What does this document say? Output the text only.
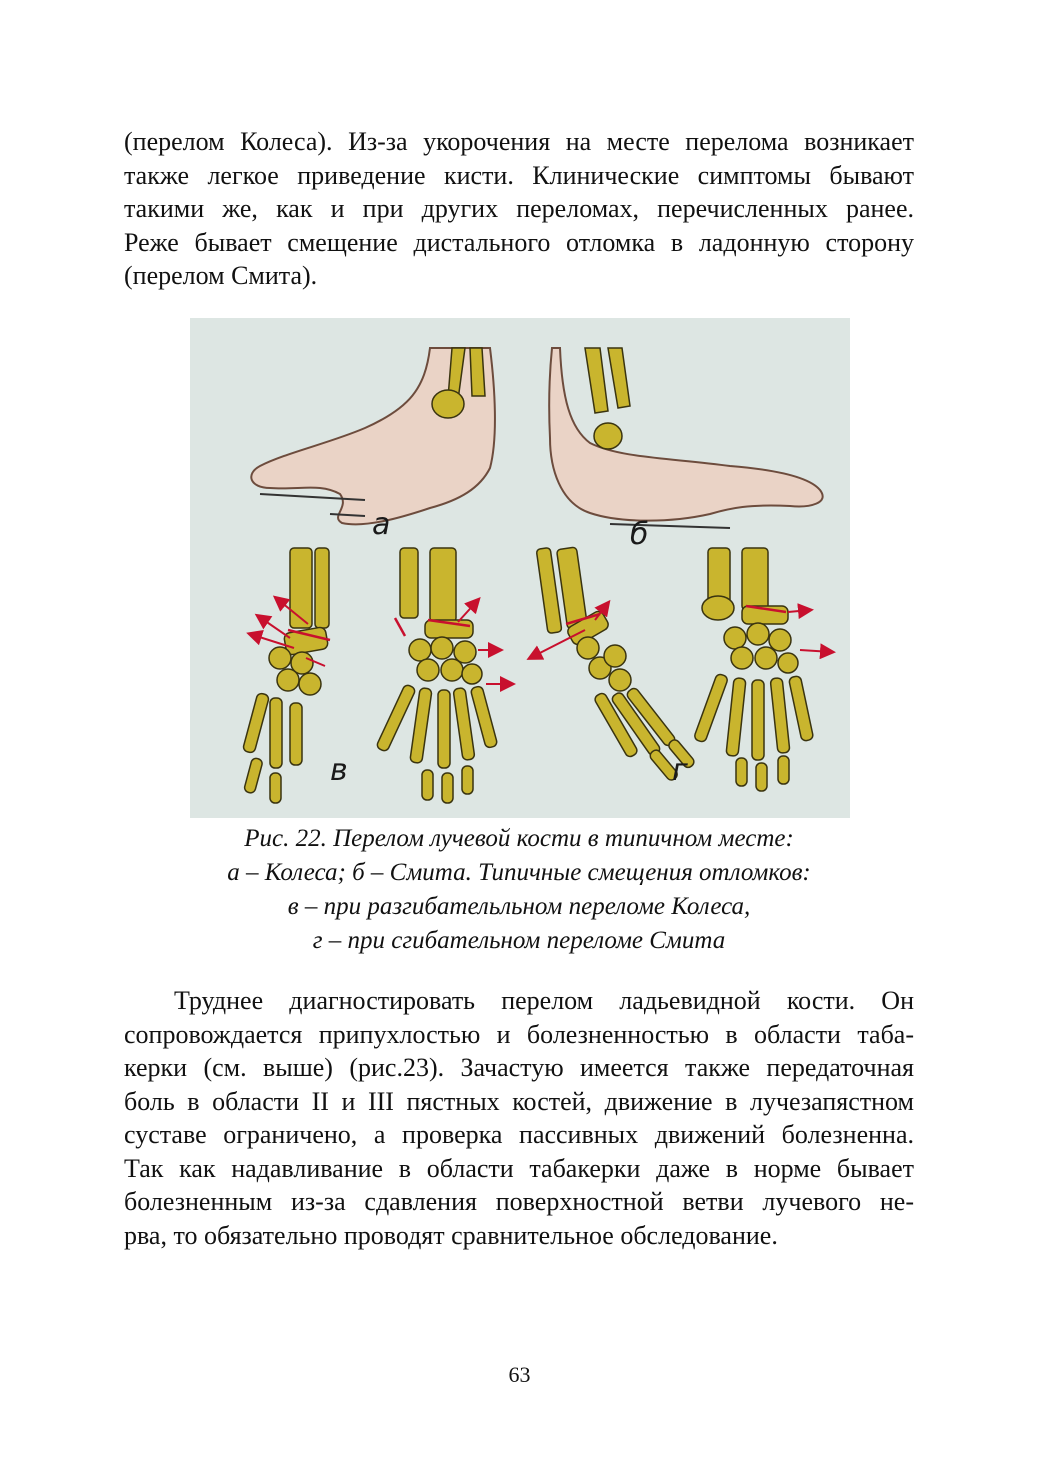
(перелом Колеса). Из-за укорочения на месте перелома возникает
также легкое приведение кисти. Клинические симптомы бывают
такими же, как и при других переломах, перечисленных ранее.
Реже бывает смещение дистального отломка в ладонную сторону
(перелом Смита).
а	б
в	г
Рис. 22. Перелом лучевой кости в типичном месте:
а – Колеса; б – Смита. Типичные смещения отломков:
в – при разгибательльном переломе Колеса,
г – при сгибательном переломе Смита
Труднее диагностировать перелом ладьевидной кости. Он
сопровождается припухлостью и болезненностью в области таба-
керки (см. выше) (рис.23). Зачастую имеется также передаточная
боль в области II и III пястных костей, движение в лучезапястном
суставе ограничено, а проверка пассивных движений болезненна.
Так как надавливание в области табакерки даже в норме бывает
болезненным из-за сдавления поверхностной ветви лучевого не-
рва, то обязательно проводят сравнительное обследование.
63
